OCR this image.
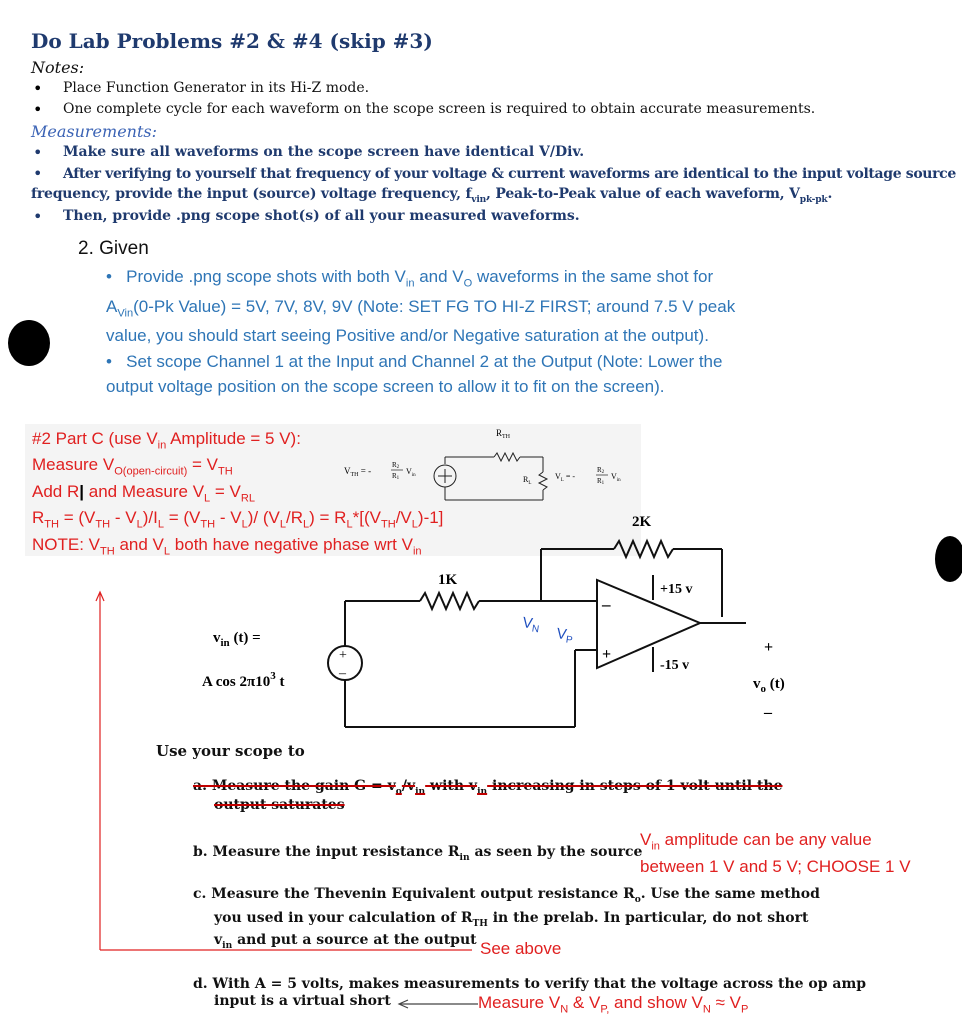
Do Lab Problems #2 & #4 (skip #3)
Notes:
• Place Function Generator in its Hi-Z mode.
• One complete cycle for each waveform on the scope screen is required to obtain accurate measurements.
Measurements:
• Make sure all waveforms on the scope screen have identical V/Div.
• After verifying to yourself that frequency of your voltage & current waveforms are identical to the input voltage source
frequency, provide the input (source) voltage frequency, $f_{vin}$, Peak-to-Peak value of each waveform, $V_{pk-pk}$.
• Then, provide .png scope shot(s) of all your measured waveforms.
2. Given
•   Provide .png scope shots with both $V_{in}$ and $V_O$ waveforms in the same shot for
$A_{Vin}(0-Pk$ Value) = 5V, 7V, 8V, 9V (Note: SET FG TO HI-Z FIRST; around 7.5 V peak
value, you should start seeing Positive and/or Negative saturation at the output).
•   Set scope Channel 1 at the Input and Channel 2 at the Output (Note: Lower the
output voltage position on the scope screen to allow it to fit on the screen).
#2 Part C (use $V_{in}$ Amplitude = 5 V):
Measure $V_{O(open-circuit)} = V_{TH}$
Add R| and Measure $V_L = V_{RL}$
$R_{TH} = (V_{TH} - V_L)/I_L = (V_{TH} - V_L)/$ $(V_L/R_L) = R_L*[(V_{TH}/V_L)-1]$
NOTE: $V_{TH}$ and $V_L$ both have negative phase wrt $V_{in}$
$R_{TH}$
$V_{TH}$ = -
R2
R1
$V_{in}$	$R_L$
$V_L$ = -
R2
R1
$V_{in}$
+
–
–
+
2K
1K
+15 v
-15 v
$v_{in}$ (t) =
A $\cos 2\pi 10^3$ t
+
$v_o$ (t)
–
$V_N$ $V_P$
Use your scope to
a. Measure the gain $G = v_o/v_{in}$ with $v_{in}$ increasing in steps of 1 volt until the
output saturates
b. Measure the input resistance $R_{in}$ as seen by the source
$V_{in}$ amplitude can be any value
between 1 V and 5 V; CHOOSE 1 V
c. Measure the Thevenin Equivalent output resistance $R_o$. Use the same method
you used in your calculation of $R_{TH}$ in the prelab. In particular, do not short
$v_{in}$ and put a source at the output See above
d. With A = 5 volts, makes measurements to verify that the voltage across the op amp
input is a virtual short	Measure $V_N$ & $V_{P,}$ and show $V_N \approx V_P$
